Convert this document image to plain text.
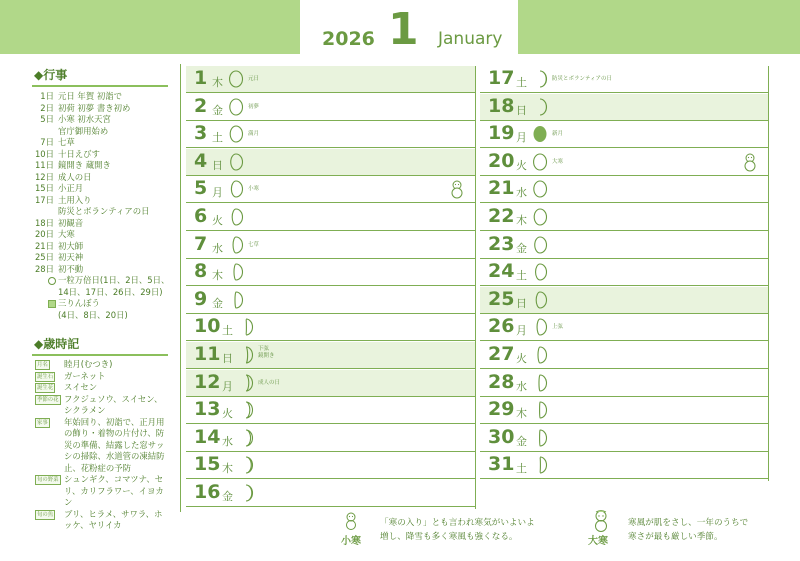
2026 1 January
◆行事
1日 元日 年賀 初詣で
2日 初荷 初夢 書き初め
5日 小寒 初水天宮
官庁御用始め
7日 七草
10日 十日えびす
11日 鏡開き 蔵開き
12日 成人の日
15日 小正月
17日 土用入り
防災とボランティアの日
18日 初観音
20日 大寒
21日 初大師
25日 初天神
28日 初不動
一粒万倍日(1日、2日、5日、
14日、17日、26日、29日)
三りんぼう
(4日、8日、20日)
◆歳時記
月名 睦月(むつき)
誕生石 ガーネット
誕生花 スイセン
季節の花 フクジュソウ、スイセン、シクラメン
家事 年始回り、初詣で、正月用の飾り・着物の片付け、防災の準備、結露した窓サッシの掃除、水道管の凍結防止、花粉症の予防
旬の野菜 シュンギク、コマツナ、セリ、カリフラワー、イヨカン
旬の魚 ブリ、ヒラメ、サワラ、ホッケ、ヤリイカ
1 木	元日
2 金	初夢
3 土	満月
4 日
5 月	小寒
6 火
7 水	七草
8 木
9 金
10 土
11 日
下弦
鏡開き
12 月	成人の日
13 火
14 水
15 木
16 金
17 土	防災とボランティアの日
18 日
19 月	新月
20 火	大寒
21 水
22 木
23 金
24 土
25 日
26 月	上弦
27 火
28 水
29 木
30 金
31 土
小寒
「寒の入り」とも言われ寒気がいよいよ
増し、降雪も多く寒風も強くなる。	大寒
寒風が肌をさし、一年のうちで
寒さが最も厳しい季節。
